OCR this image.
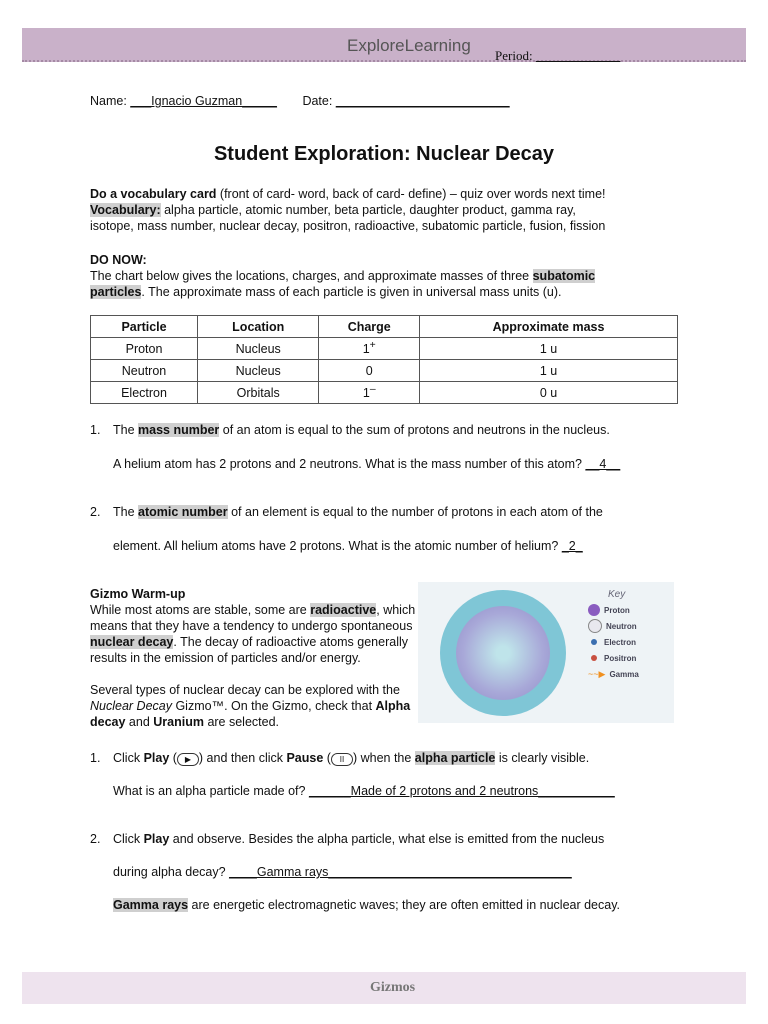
ExploreLearning
Period: _____________
Name: ___Ignacio Guzman_____ Date: _________________________
Student Exploration: Nuclear Decay
Do a vocabulary card (front of card- word, back of card- define) – quiz over words next time!
Vocabulary: alpha particle, atomic number, beta particle, daughter product, gamma ray,
isotope, mass number, nuclear decay, positron, radioactive, subatomic particle, fusion, fission
DO NOW:
The chart below gives the locations, charges, and approximate masses of three subatomic
particles. The approximate mass of each particle is given in universal mass units (u).
Particle	Location	Charge	Approximate mass
Proton	Nucleus	1+	1 u
Neutron	Nucleus	0	1 u
Electron	Orbitals	1–	0 u
1. The mass number of an atom is equal to the sum of protons and neutrons in the nucleus.
A helium atom has 2 protons and 2 neutrons. What is the mass number of this atom? __4__
2. The atomic number of an element is equal to the number of protons in each atom of the
element. All helium atoms have 2 protons. What is the atomic number of helium? _2_
Gizmo Warm-up
While most atoms are stable, some are radioactive, which
means that they have a tendency to undergo spontaneous
nuclear decay. The decay of radioactive atoms generally
results in the emission of particles and/or energy.

Several types of nuclear decay can be explored with the
Nuclear Decay Gizmo™. On the Gizmo, check that Alpha
decay and Uranium are selected.
Key
Proton
Neutron
Electron
Positron
~~▶ Gamma
1. Click Play ( ▶ ) and then click Pause ( II ) when the alpha particle is clearly visible.
What is an alpha particle made of? ______Made of 2 protons and 2 neutrons___________
2. Click Play and observe. Besides the alpha particle, what else is emitted from the nucleus
during alpha decay? ____Gamma rays___________________________________
Gamma rays are energetic electromagnetic waves; they are often emitted in nuclear decay.
Gizmos
